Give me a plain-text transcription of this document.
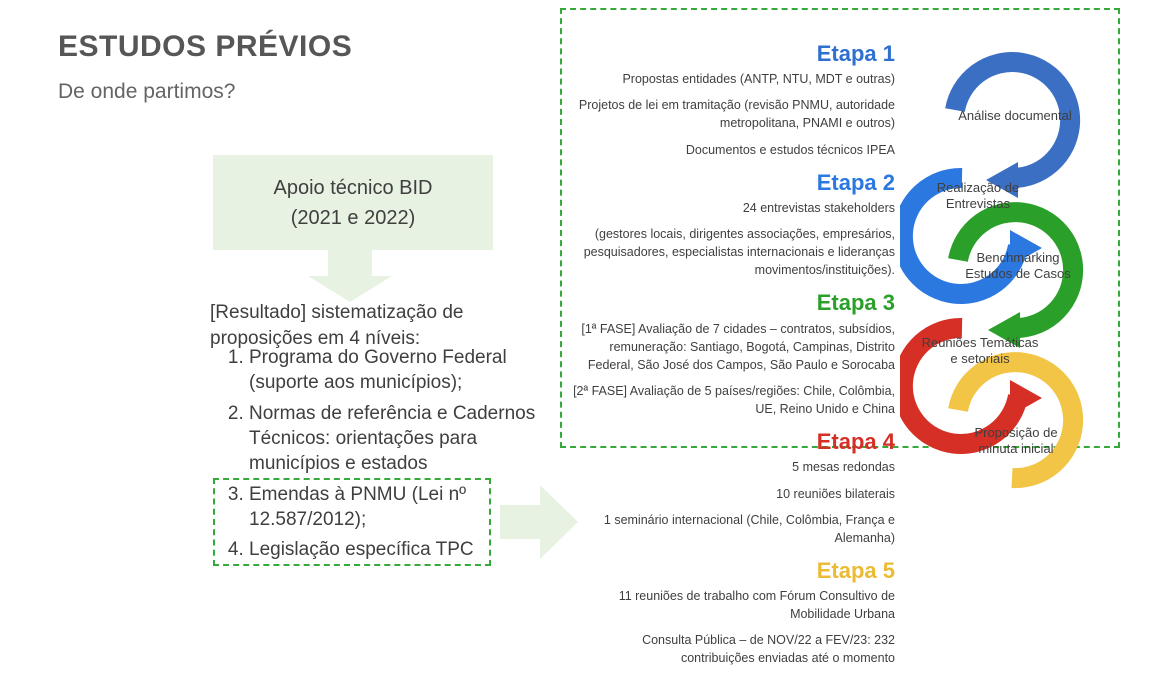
ESTUDOS PRÉVIOS
De onde partimos?
Apoio técnico BID
(2021 e 2022)
[Resultado] sistematização de proposições em 4 níveis:
1. Programa do Governo Federal (suporte aos municípios);
2. Normas de referência e Cadernos Técnicos: orientações para municípios e estados
3. Emendas à PNMU (Lei nº 12.587/2012);
4. Legislação específica TPC
Etapa 1
Propostas entidades (ANTP, NTU, MDT e outras)
Projetos de lei em tramitação (revisão PNMU, autoridade metropolitana, PNAMI e outros)
Documentos e estudos técnicos IPEA
Etapa 2
24 entrevistas stakeholders
(gestores locais, dirigentes associações, empresários, pesquisadores, especialistas internacionais e lideranças movimentos/instituições).
Etapa 3
[1ª FASE] Avaliação de 7 cidades – contratos, subsídios, remuneração: Santiago, Bogotá, Campinas, Distrito Federal, São José dos Campos, São Paulo e Sorocaba
[2ª FASE] Avaliação de 5 países/regiões: Chile, Colômbia, UE, Reino Unido e China
Etapa 4
5 mesas redondas
10 reuniões bilaterais
1 seminário internacional (Chile, Colômbia, França e Alemanha)
Etapa 5
11 reuniões de trabalho com Fórum Consultivo de Mobilidade Urbana
Consulta Pública – de NOV/22 a FEV/23: 232 contribuições enviadas até o momento
Análise documental
Realização de Entrevistas
Benchmarking Estudos de Casos
Reuniões Temáticas e setoriais
Proposição de minuta inicial
